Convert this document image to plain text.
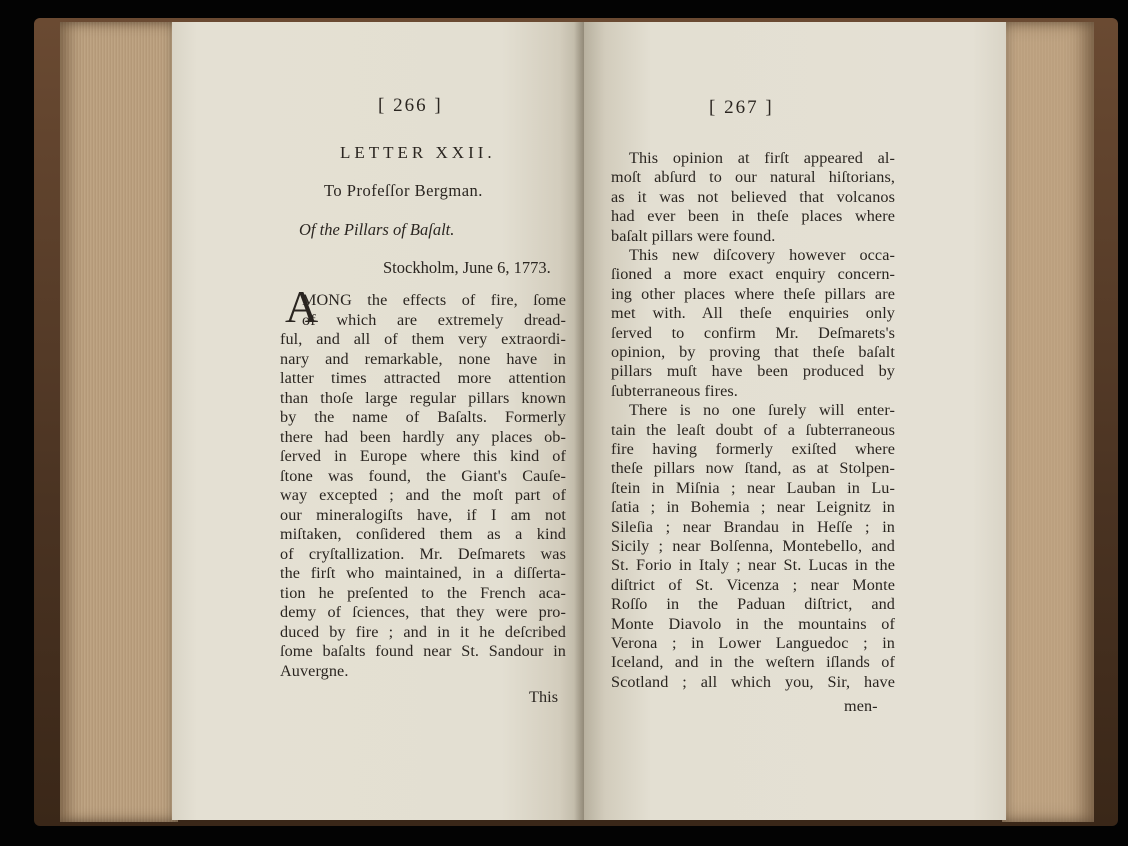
[ 266 ]
LETTER XXII.
To Profeſſor Bergman.
Of the Pillars of Baſalt.
Stockholm, June 6, 1773.
A
MONG the effects of fire, ſome
of which are extremely dread-
ful, and all of them very extraordi-
nary and remarkable, none have in
latter times attracted more attention
than thoſe large regular pillars known
by the name of Baſalts. Formerly
there had been hardly any places ob-
ſerved in Europe where this kind of
ſtone was found, the Giant's Cauſe-
way excepted ; and the moſt part of
our mineralogiſts have, if I am not
miſtaken, conſidered them as a kind
of cryſtallization. Mr. Deſmarets was
the firſt who maintained, in a diſſerta-
tion he preſented to the French aca-
demy of ſciences, that they were pro-
duced by fire ; and in it he deſcribed
ſome baſalts found near St. Sandour in
Auvergne.
This
[ 267 ]
This opinion at firſt appeared al-
moſt abſurd to our natural hiſtorians,
as it was not believed that volcanos
had ever been in theſe places where
baſalt pillars were found.
This new diſcovery however occa-
ſioned a more exact enquiry concern-
ing other places where theſe pillars are
met with. All theſe enquiries only
ſerved to confirm Mr. Deſmarets's
opinion, by proving that theſe baſalt
pillars muſt have been produced by
ſubterraneous fires.
There is no one ſurely will enter-
tain the leaſt doubt of a ſubterraneous
fire having formerly exiſted where
theſe pillars now ſtand, as at Stolpen-
ſtein in Miſnia ; near Lauban in Lu-
ſatia ; in Bohemia ; near Leignitz in
Sileſia ; near Brandau in Heſſe ; in
Sicily ; near Bolſenna, Montebello, and
St. Forio in Italy ; near St. Lucas in the
diſtrict of St. Vicenza ; near Monte
Roſſo in the Paduan diſtrict, and
Monte Diavolo in the mountains of
Verona ; in Lower Languedoc ; in
Iceland, and in the weſtern iſlands of
Scotland ; all which you, Sir, have
men-
